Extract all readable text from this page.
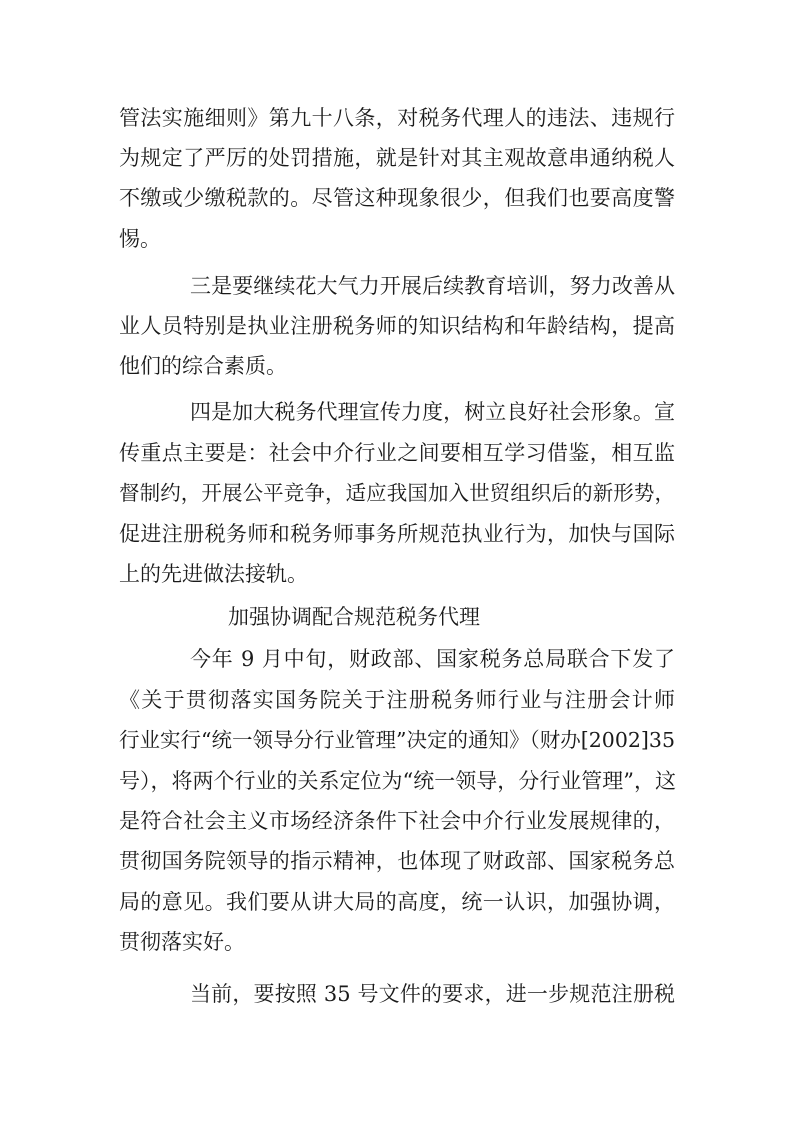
管法实施细则》第九十八条，对税务代理人的违法、违规行
为规定了严厉的处罚措施，就是针对其主观故意串通纳税人
不缴或少缴税款的。尽管这种现象很少，但我们也要高度警
惕。
三是要继续花大气力开展后续教育培训，努力改善从
业人员特别是执业注册税务师的知识结构和年龄结构，提高
他们的综合素质。
四是加大税务代理宣传力度，树立良好社会形象。宣
传重点主要是：社会中介行业之间要相互学习借鉴，相互监
督制约，开展公平竞争，适应我国加入世贸组织后的新形势，
促进注册税务师和税务师事务所规范执业行为，加快与国际
上的先进做法接轨。
加强协调配合规范税务代理
今年 9 月中旬，财政部、国家税务总局联合下发了
《关于贯彻落实国务院关于注册税务师行业与注册会计师
行业实行“统一领导分行业管理”决定的通知》（财办[2002]35
号），将两个行业的关系定位为“统一领导，分行业管理”，这
是符合社会主义市场经济条件下社会中介行业发展规律的，
贯彻国务院领导的指示精神，也体现了财政部、国家税务总
局的意见。我们要从讲大局的高度，统一认识，加强协调，
贯彻落实好。
当前，要按照 35 号文件的要求，进一步规范注册税
